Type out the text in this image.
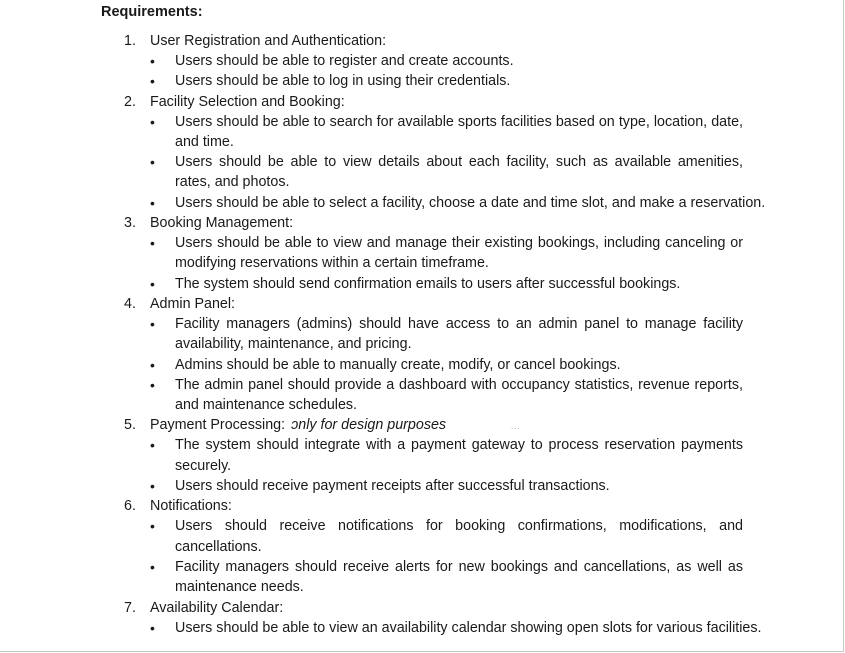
Requirements:
1. User Registration and Authentication:
• Users should be able to register and create accounts.
• Users should be able to log in using their credentials.
2. Facility Selection and Booking:
• Users should be able to search for available sports facilities based on type, location, date, and time.
• Users should be able to view details about each facility, such as available amenities, rates, and photos.
• Users should be able to select a facility, choose a date and time slot, and make a reservation.
3. Booking Management:
• Users should be able to view and manage their existing bookings, including canceling or modifying reservations within a certain timeframe.
• The system should send confirmation emails to users after successful bookings.
4. Admin Panel:
• Facility managers (admins) should have access to an admin panel to manage facility availability, maintenance, and pricing.
• Admins should be able to manually create, modify, or cancel bookings.
• The admin panel should provide a dashboard with occupancy statistics, revenue reports, and maintenance schedules.
5. Payment Processing: ɔnly for design purposes	...
• The system should integrate with a payment gateway to process reservation payments securely.
• Users should receive payment receipts after successful transactions.
6. Notifications:
• Users should receive notifications for booking confirmations, modifications, and cancellations.
• Facility managers should receive alerts for new bookings and cancellations, as well as maintenance needs.
7. Availability Calendar:
• Users should be able to view an availability calendar showing open slots for various facilities.
